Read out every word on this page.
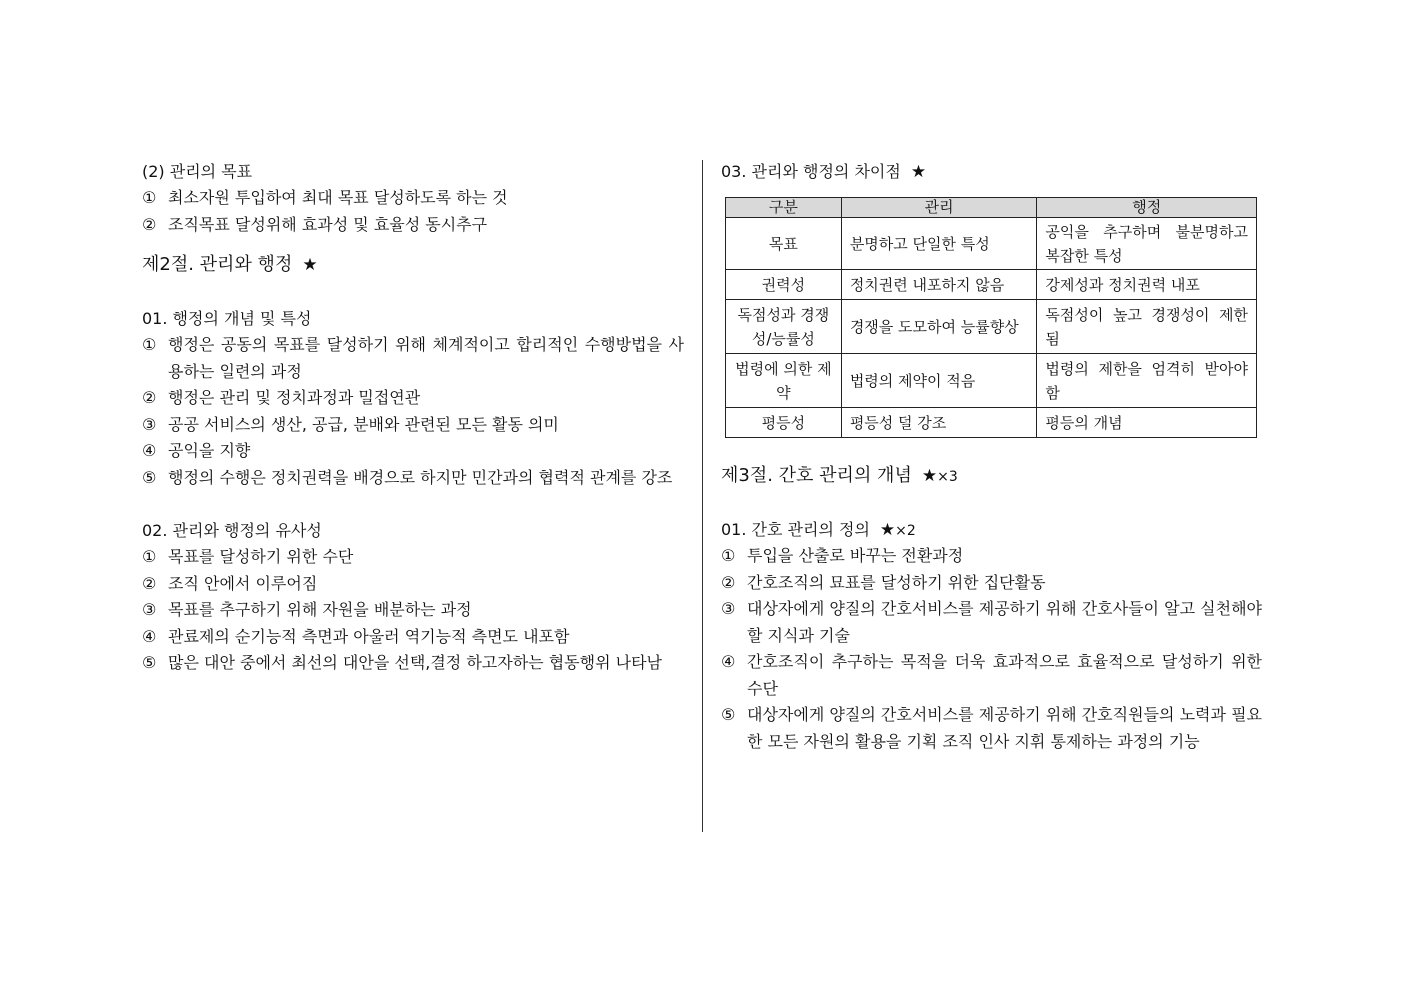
(2) 관리의 목표
① 최소자원 투입하여 최대 목표 달성하도록 하는 것
② 조직목표 달성위해 효과성 및 효율성 동시추구
제2절. 관리와 행정 ★
01. 행정의 개념 및 특성
① 행정은 공동의 목표를 달성하기 위해 체계적이고 합리적인 수행방법을 사용하는 일련의 과정
② 행정은 관리 및 정치과정과 밀접연관
③ 공공 서비스의 생산, 공급, 분배와 관련된 모든 활동 의미
④ 공익을 지향
⑤ 행정의 수행은 정치권력을 배경으로 하지만 민간과의 협력적 관계를 강조
02. 관리와 행정의 유사성
① 목표를 달성하기 위한 수단
② 조직 안에서 이루어짐
③ 목표를 추구하기 위해 자원을 배분하는 과정
④ 관료제의 순기능적 측면과 아울러 역기능적 측면도 내포함
⑤ 많은 대안 중에서 최선의 대안을 선택,결정 하고자하는 협동행위 나타남
03. 관리와 행정의 차이점 ★
구분	관리	행정
목표	분명하고 단일한 특성	공익을 추구하며 불분명하고 복잡한 특성
권력성	정치권련 내포하지 않음	강제성과 정치권력 내포
독점성과 경쟁성/능률성	경쟁을 도모하여 능률향상	독점성이 높고 경쟁성이 제한됨
법령에 의한 제약	법령의 제약이 적음	법령의 제한을 엄격히 받아야함
평등성	평등성 덜 강조	평등의 개념
제3절. 간호 관리의 개념 ★×3
01. 간호 관리의 정의 ★×2
① 투입을 산출로 바꾸는 전환과정
② 간호조직의 묘표를 달성하기 위한 집단활동
③ 대상자에게 양질의 간호서비스를 제공하기 위해 간호사들이 알고 실천해야 할 지식과 기술
④ 간호조직이 추구하는 목적을 더욱 효과적으로 효율적으로 달성하기 위한 수단
⑤ 대상자에게 양질의 간호서비스를 제공하기 위해 간호직원들의 노력과 필요한 모든 자원의 활용을 기획 조직 인사 지휘 통제하는 과정의 기능
